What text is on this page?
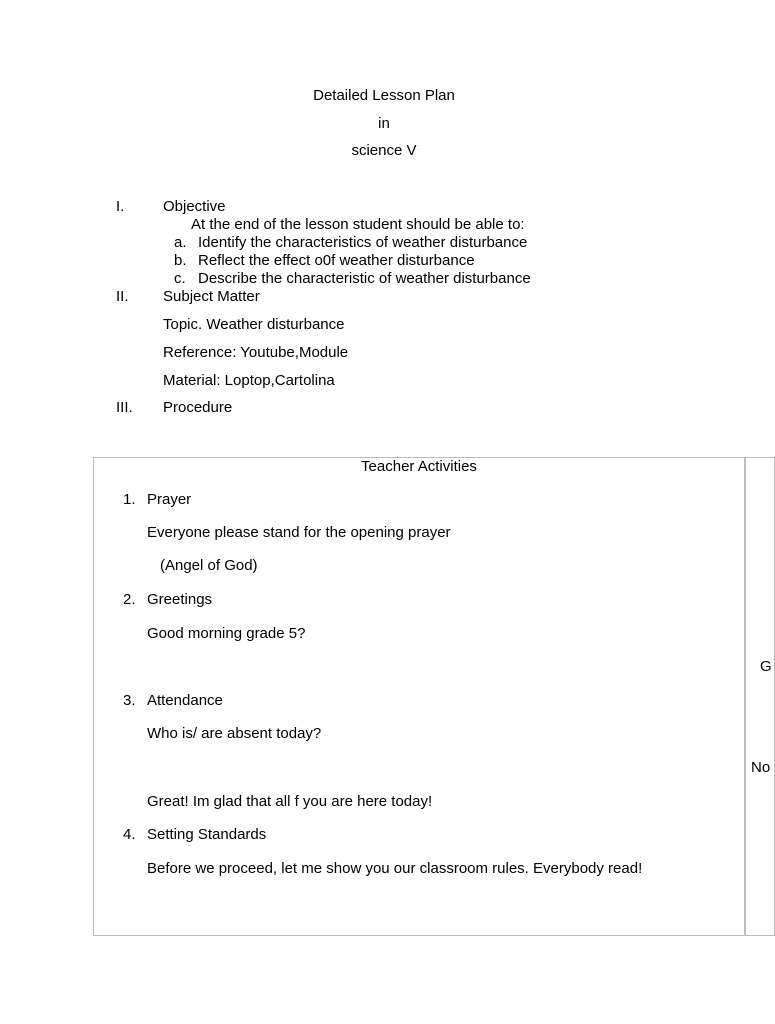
Detailed Lesson Plan
in
science V
I.	Objective
At the end of the lesson student should be able to:
a. Identify the characteristics of weather disturbance
b. Reflect the effect o0f weather disturbance
c. Describe the characteristic of weather disturbance
II. Subject Matter
Topic. Weather disturbance
Reference: Youtube,Module
Material: Loptop,Cartolina
III. Procedure
Teacher Activities
1. Prayer
Everyone please stand for the opening prayer
(Angel of God)
2. Greetings
Good morning grade 5?
3. Attendance
Who is/ are absent today?
Great! Im glad that all f you are here today!
4. Setting Standards
Before we proceed, let me show you our classroom rules. Everybody read!
G
No
